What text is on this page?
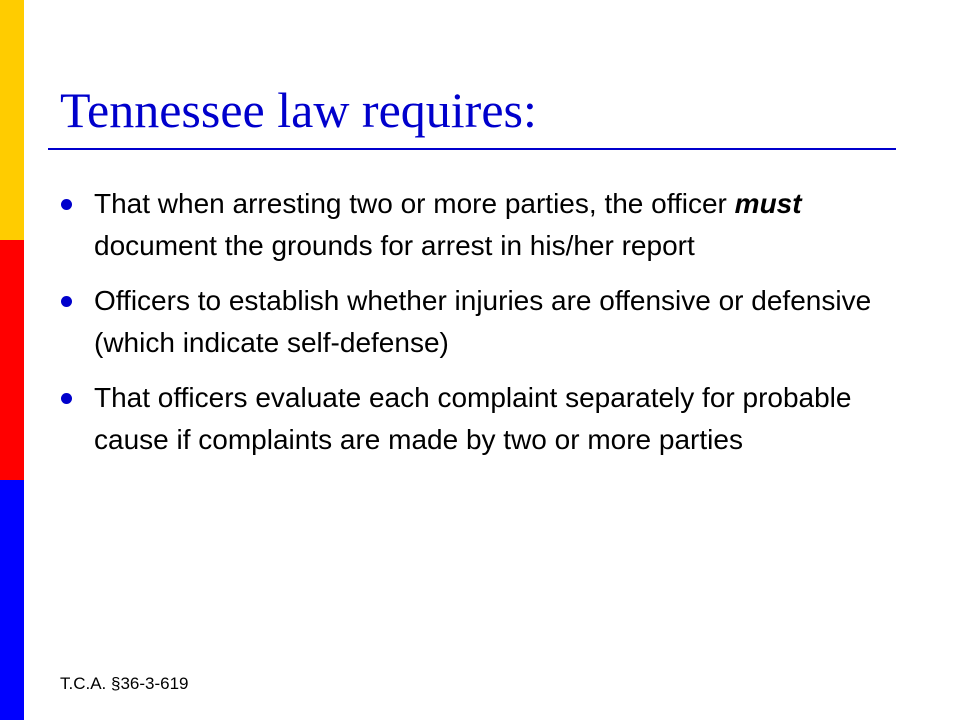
Tennessee law requires:
That when arresting two or more parties, the officer must document the grounds for arrest in his/her report
Officers to establish whether injuries are offensive or defensive (which indicate self-defense)
That officers evaluate each complaint separately for probable cause if complaints are made by two or more parties
T.C.A. §36-3-619
